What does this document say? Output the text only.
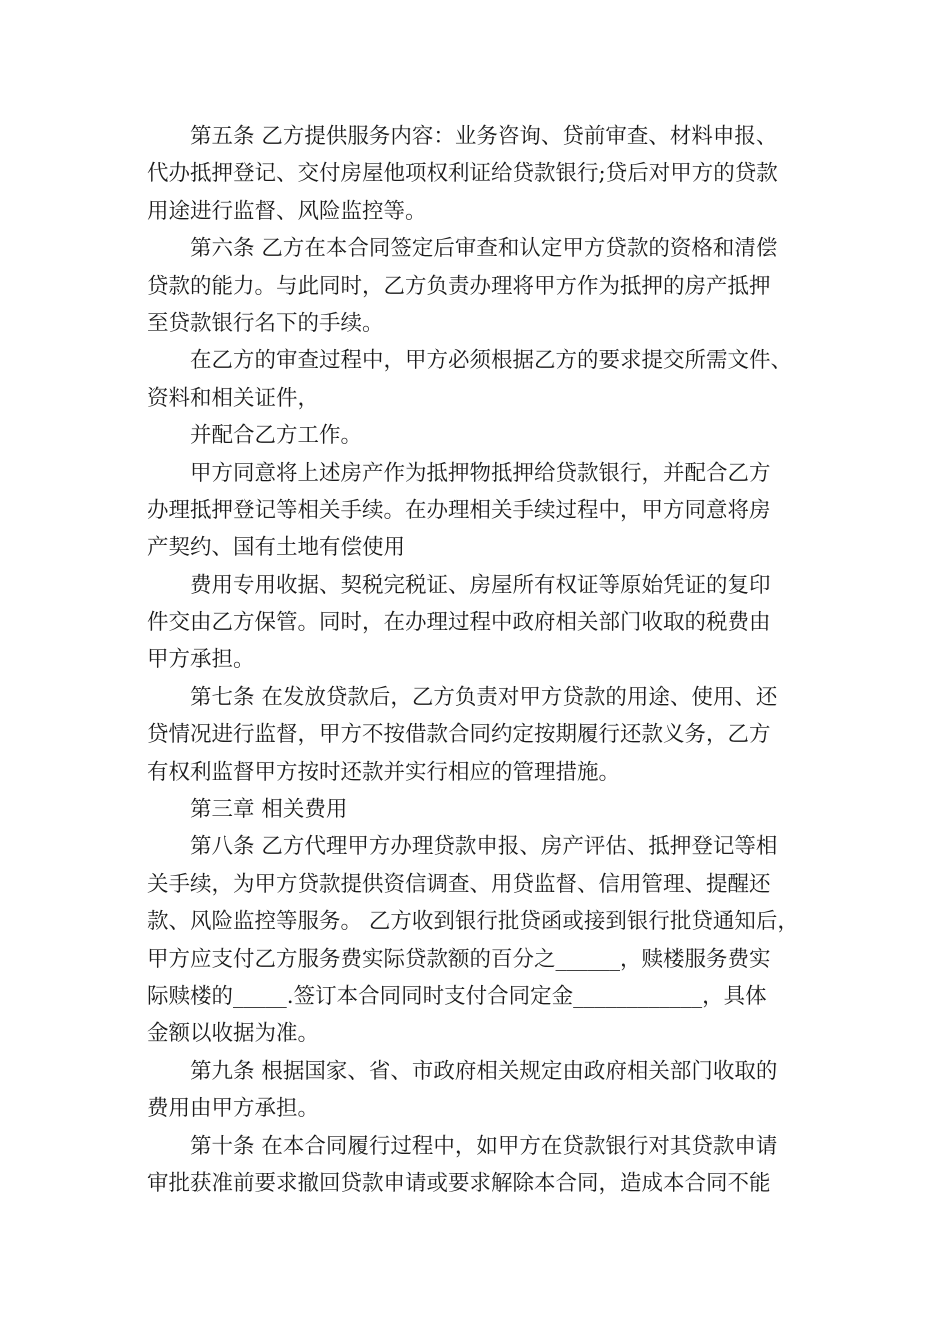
第五条 乙方提供服务内容：业务咨询、贷前审查、材料申报、
代办抵押登记、交付房屋他项权利证给贷款银行;贷后对甲方的贷款
用途进行监督、风险监控等。
第六条 乙方在本合同签定后审查和认定甲方贷款的资格和清偿
贷款的能力。与此同时，乙方负责办理将甲方作为抵押的房产抵押
至贷款银行名下的手续。
在乙方的审查过程中，甲方必须根据乙方的要求提交所需文件、
资料和相关证件，
并配合乙方工作。
甲方同意将上述房产作为抵押物抵押给贷款银行，并配合乙方
办理抵押登记等相关手续。在办理相关手续过程中，甲方同意将房
产契约、国有土地有偿使用
费用专用收据、契税完税证、房屋所有权证等原始凭证的复印
件交由乙方保管。同时，在办理过程中政府相关部门收取的税费由
甲方承担。
第七条 在发放贷款后，乙方负责对甲方贷款的用途、使用、还
贷情况进行监督，甲方不按借款合同约定按期履行还款义务，乙方
有权利监督甲方按时还款并实行相应的管理措施。
第三章 相关费用
第八条 乙方代理甲方办理贷款申报、房产评估、抵押登记等相
关手续，为甲方贷款提供资信调查、用贷监督、信用管理、提醒还
款、风险监控等服务。 乙方收到银行批贷函或接到银行批贷通知后，
甲方应支付乙方服务费实际贷款额的百分之______，赎楼服务费实
际赎楼的_____.签订本合同同时支付合同定金____________，具体
金额以收据为准。
第九条 根据国家、省、市政府相关规定由政府相关部门收取的
费用由甲方承担。
第十条 在本合同履行过程中，如甲方在贷款银行对其贷款申请
审批获准前要求撤回贷款申请或要求解除本合同，造成本合同不能
